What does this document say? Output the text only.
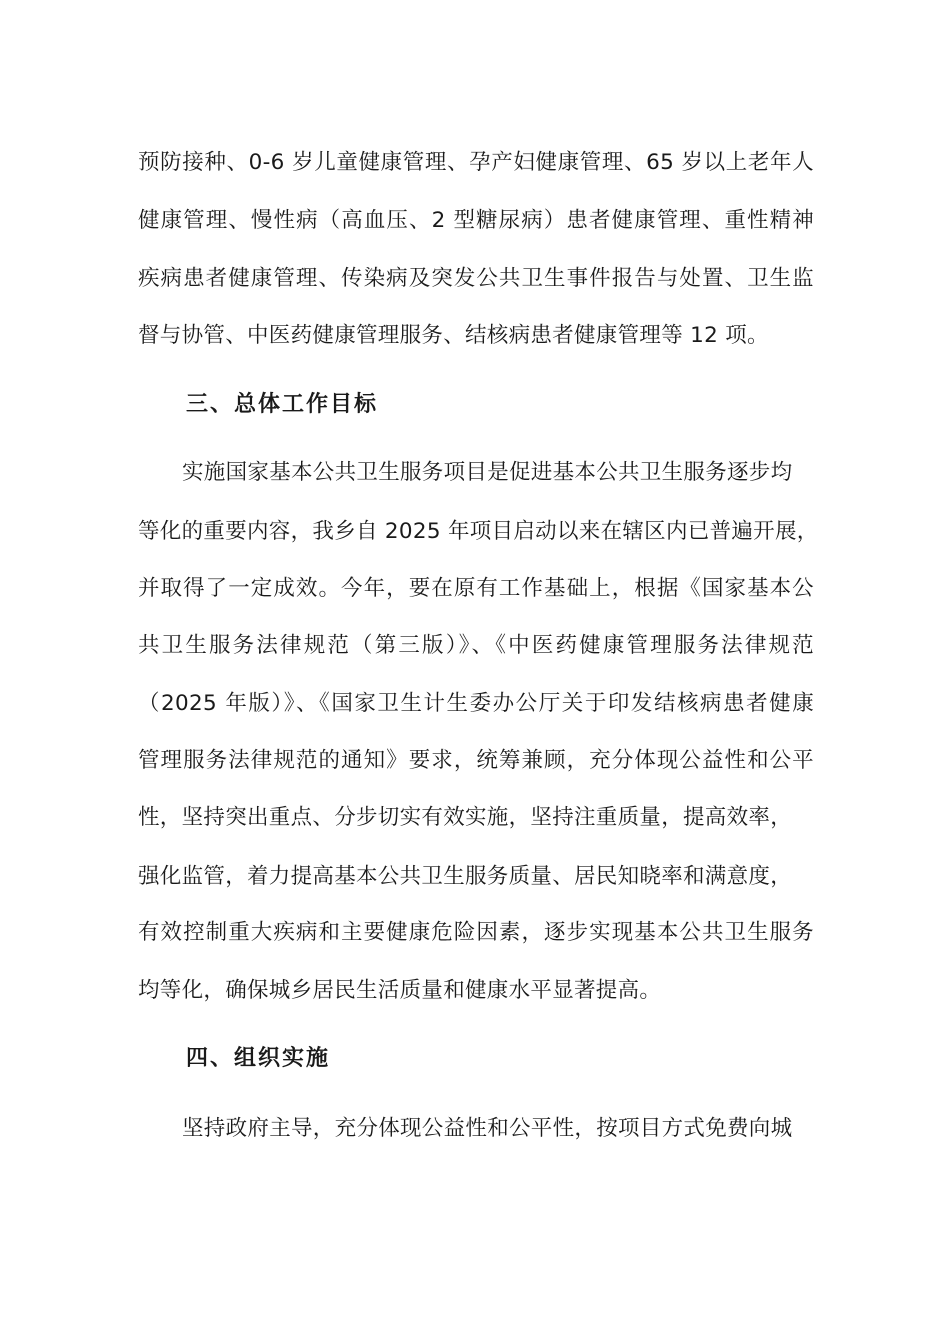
预防接种、0-6 岁儿童健康管理、孕产妇健康管理、65 岁以上老年人
健康管理、慢性病（高血压、2 型糖尿病）患者健康管理、重性精神
疾病患者健康管理、传染病及突发公共卫生事件报告与处置、卫生监
督与协管、中医药健康管理服务、结核病患者健康管理等 12 项。
三、总体工作目标
实施国家基本公共卫生服务项目是促进基本公共卫生服务逐步均
等化的重要内容，我乡自 2025 年项目启动以来在辖区内已普遍开展，
并取得了一定成效。今年，要在原有工作基础上，根据《国家基本公
共卫生服务法律规范（第三版）》、《中医药健康管理服务法律规范
（2025 年版）》、《国家卫生计生委办公厅关于印发结核病患者健康
管理服务法律规范的通知》要求，统筹兼顾，充分体现公益性和公平
性，坚持突出重点、分步切实有效实施，坚持注重质量，提高效率，
强化监管，着力提高基本公共卫生服务质量、居民知晓率和满意度，
有效控制重大疾病和主要健康危险因素，逐步实现基本公共卫生服务
均等化，确保城乡居民生活质量和健康水平显著提高。
四、组织实施
坚持政府主导，充分体现公益性和公平性，按项目方式免费向城
